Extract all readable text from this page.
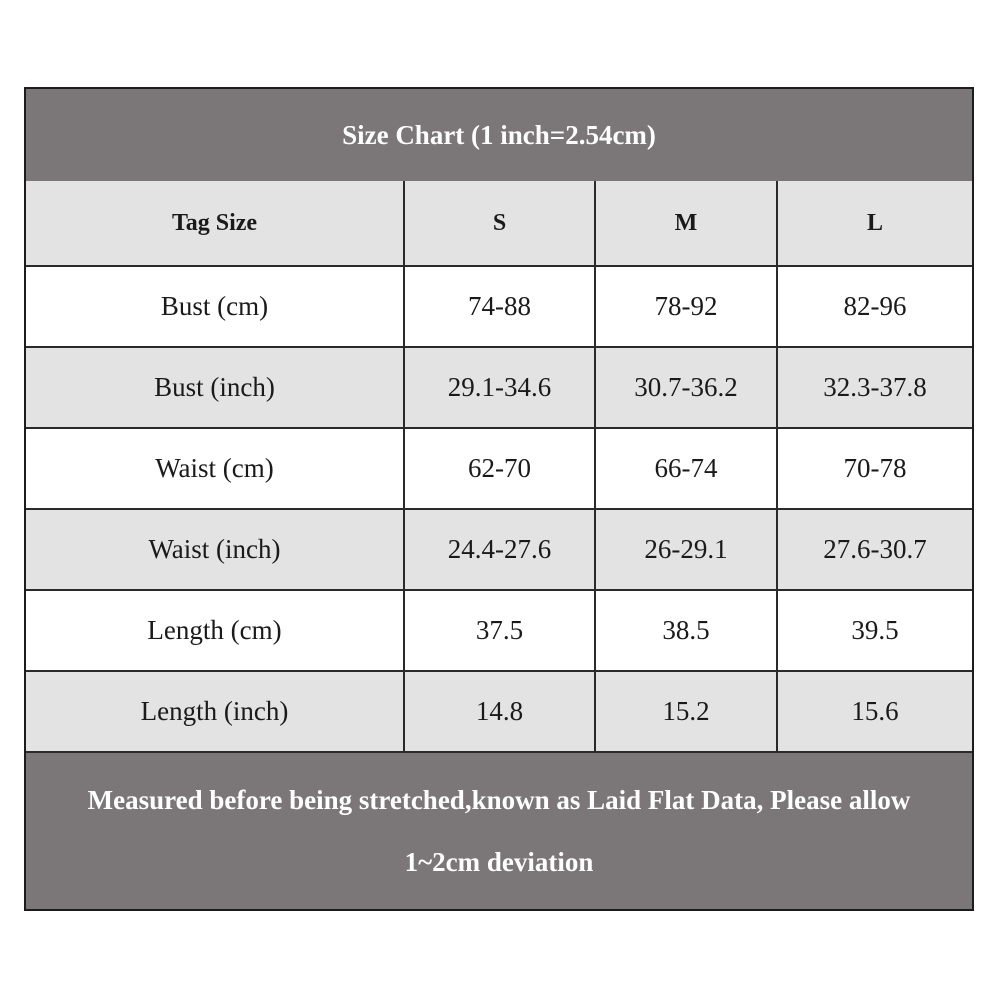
Size Chart (1 inch=2.54cm)
Tag Size	S	M	L
Bust (cm)	74-88	78-92	82-96
Bust (inch)	29.1-34.6	30.7-36.2	32.3-37.8
Waist (cm)	62-70	66-74	70-78
Waist (inch)	24.4-27.6	26-29.1	27.6-30.7
Length (cm)	37.5	38.5	39.5
Length (inch)	14.8	15.2	15.6
Measured before being stretched,known as Laid Flat Data, Please allow
1~2cm deviation
